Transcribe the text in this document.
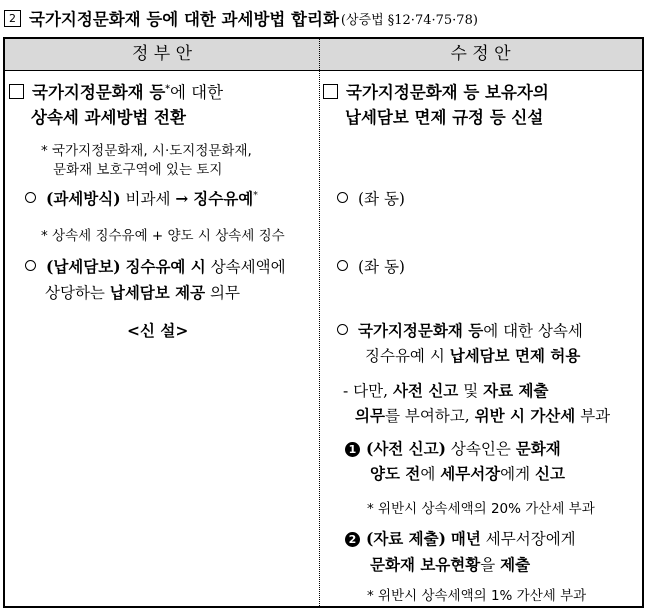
2 국가지정문화재 등에 대한 과세방법 합리화 (상증법 §12·74·75·78)
정 부 안	수 정 안
국가지정문화재 등*에 대한
상속세 과세방법 전환
* 국가지정문화재, 시·도지정문화재,
문화재 보호구역에 있는 토지
(과세방식) 비과세 → 징수유예*
* 상속세 징수유예 + 양도 시 상속세 징수
(납세담보) 징수유예 시 상속세액에
상당하는 납세담보 제공 의무
<신 설>
국가지정문화재 등 보유자의
납세담보 면제 규정 등 신설
(좌 동)
(좌 동)
국가지정문화재 등에 대한 상속세
징수유예 시 납세담보 면제 허용
- 다만, 사전 신고 및 자료 제출
의무를 부여하고, 위반 시 가산세 부과
1 (사전 신고) 상속인은 문화재
양도 전에 세무서장에게 신고
* 위반시 상속세액의 20% 가산세 부과
2 (자료 제출) 매년 세무서장에게
문화재 보유현황을 제출
* 위반시 상속세액의 1% 가산세 부과
